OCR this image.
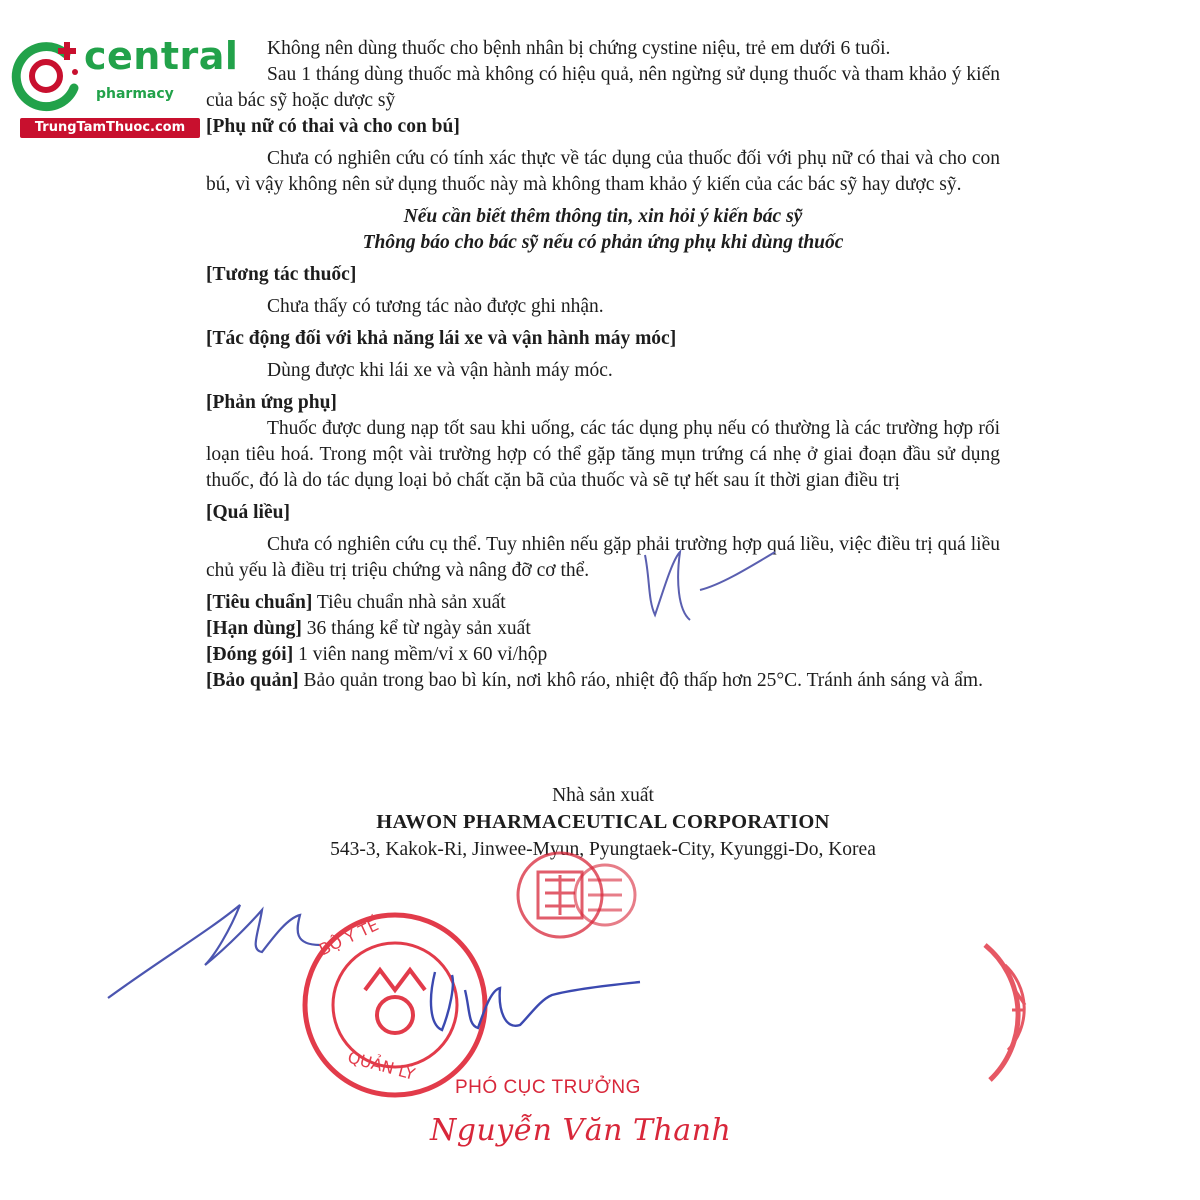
central
pharmacy
TrungTamThuoc.com

Không nên dùng thuốc cho bệnh nhân bị chứng cystine niệu, trẻ em dưới 6 tuổi.

Sau 1 tháng dùng thuốc mà không có hiệu quả, nên ngừng sử dụng thuốc và tham khảo ý kiến của bác sỹ hoặc dược sỹ

[Phụ nữ có thai và cho con bú]

Chưa có nghiên cứu có tính xác thực về tác dụng của thuốc đối với phụ nữ có thai và cho con bú, vì vậy không nên sử dụng thuốc này mà không tham khảo ý kiến của các bác sỹ hay dược sỹ.

Nếu cần biết thêm thông tin, xin hỏi ý kiến bác sỹ

Thông báo cho bác sỹ nếu có phản ứng phụ khi dùng thuốc

[Tương tác thuốc]

Chưa thấy có tương tác nào được ghi nhận.

[Tác động đối với khả năng lái xe và vận hành máy móc]

Dùng được khi lái xe và vận hành máy móc.

[Phản ứng phụ]

Thuốc được dung nạp tốt sau khi uống, các tác dụng phụ nếu có thường là các trường hợp rối loạn tiêu hoá. Trong một vài trường hợp có thể gặp tăng mụn trứng cá nhẹ ở giai đoạn đầu sử dụng thuốc, đó là do tác dụng loại bỏ chất cặn bã của thuốc và sẽ tự hết sau ít thời gian điều trị

[Quá liều]

Chưa có nghiên cứu cụ thể. Tuy nhiên nếu gặp phải trường hợp quá liều, việc điều trị quá liều chủ yếu là điều trị triệu chứng và nâng đỡ cơ thể.

[Tiêu chuẩn] Tiêu chuẩn nhà sản xuất

[Hạn dùng] 36 tháng kể từ ngày sản xuất

[Đóng gói] 1 viên nang mềm/vỉ x 60 vỉ/hộp

[Bảo quản] Bảo quản trong bao bì kín, nơi khô ráo, nhiệt độ thấp hơn 25°C. Tránh ánh sáng và ẩm.

Nhà sản xuất
HAWON PHARMACEUTICAL CORPORATION
543-3, Kakok-Ri, Jinwee-Myun, Pyungtaek-City, Kyunggi-Do, Korea
BỘ Y TẾ
QUẢN LÝ
PHÓ CỤC TRƯỞNG
Nguyễn Văn Thanh
